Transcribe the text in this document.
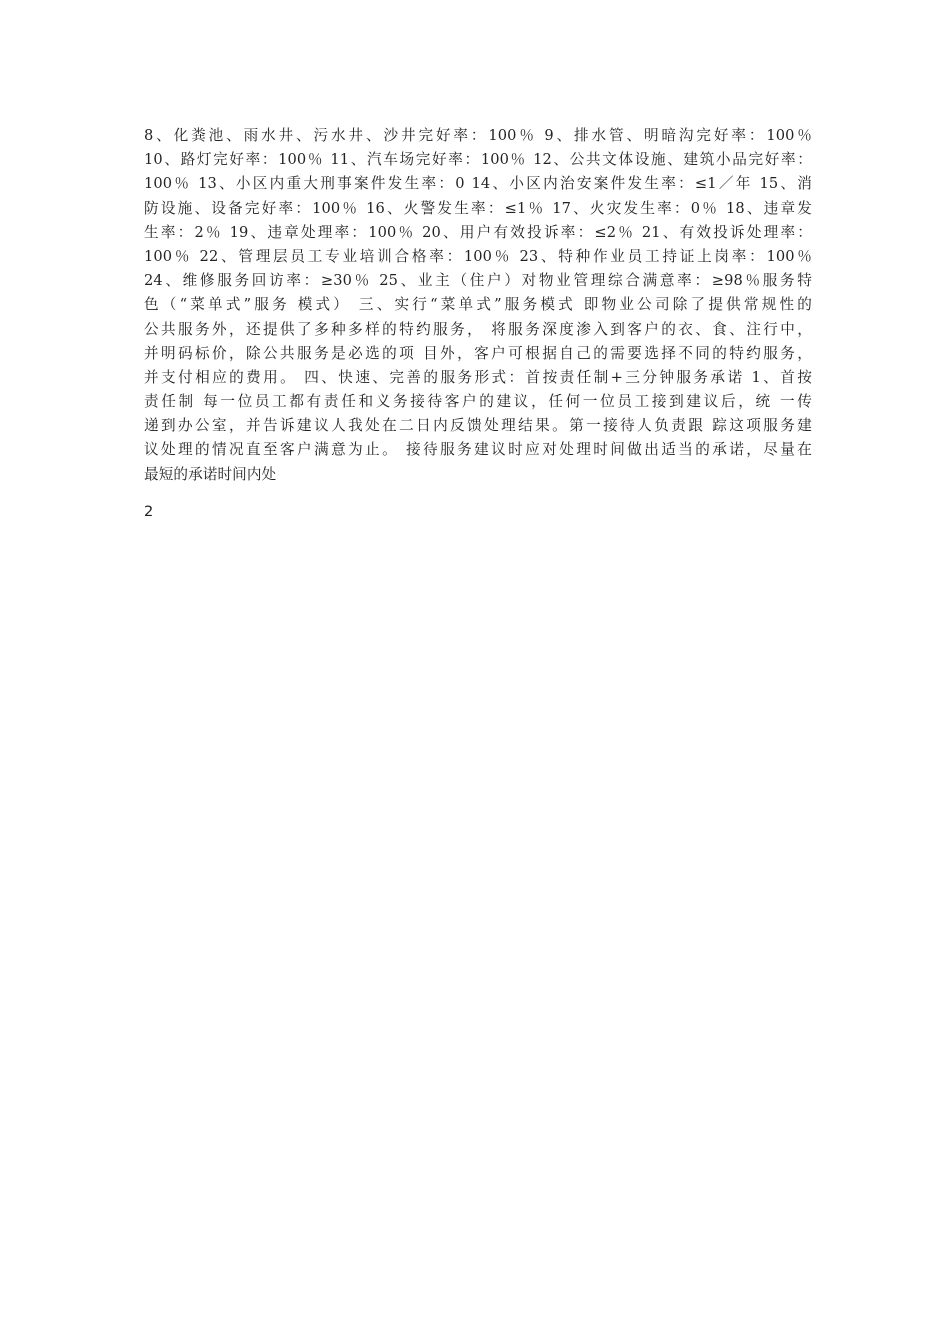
8、化粪池、雨水井、污水井、沙井完好率：100％ 9、排水管、明暗沟完好率：100％
10、路灯完好率：100％ 11、汽车场完好率：100％ 12、公共文体设施、建筑小品完好率：
100％ 13、小区内重大刑事案件发生率：0 14、小区内治安案件发生率：≤1／年 15、消
防设施、设备完好率：100％ 16、火警发生率：≤1％ 17、火灾发生率：0％ 18、违章发
生率：2％ 19、违章处理率：100％ 20、用户有效投诉率：≤2％ 21、有效投诉处理率：
100％ 22、管理层员工专业培训合格率：100％ 23、特种作业员工持证上岗率：100％
24、维修服务回访率：≥30％ 25、业主（住户）对物业管理综合满意率：≥98％服务特
色（“菜单式”服务 模式） 三、实行“菜单式”服务模式 即物业公司除了提供常规性的
公共服务外，还提供了多种多样的特约服务， 将服务深度渗入到客户的衣、食、注行中，
并明码标价，除公共服务是必选的项 目外，客户可根据自己的需要选择不同的特约服务，
并支付相应的费用。 四、快速、完善的服务形式：首按责任制+三分钟服务承诺 1、首按
责任制 每一位员工都有责任和义务接待客户的建议，任何一位员工接到建议后，统 一传
递到办公室，并告诉建议人我处在二日内反馈处理结果。第一接待人负责跟 踪这项服务建
议处理的情况直至客户满意为止。 接待服务建议时应对处理时间做出适当的承诺，尽量在
最短的承诺时间内处
2
